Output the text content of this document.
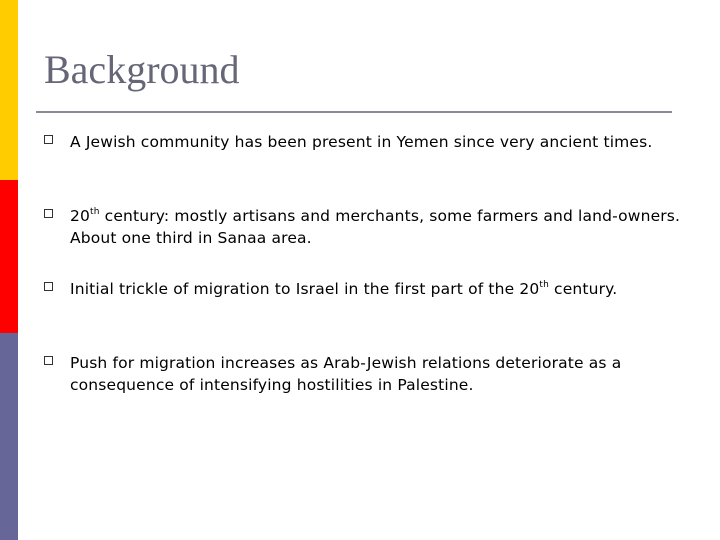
Background
A Jewish community has been present in Yemen since very ancient times.
20th century: mostly artisans and merchants, some farmers and land-owners. About one third in Sanaa area.
Initial trickle of migration to Israel in the first part of the 20th century.
Push for migration increases as Arab-Jewish relations deteriorate as a consequence of intensifying hostilities in Palestine.
